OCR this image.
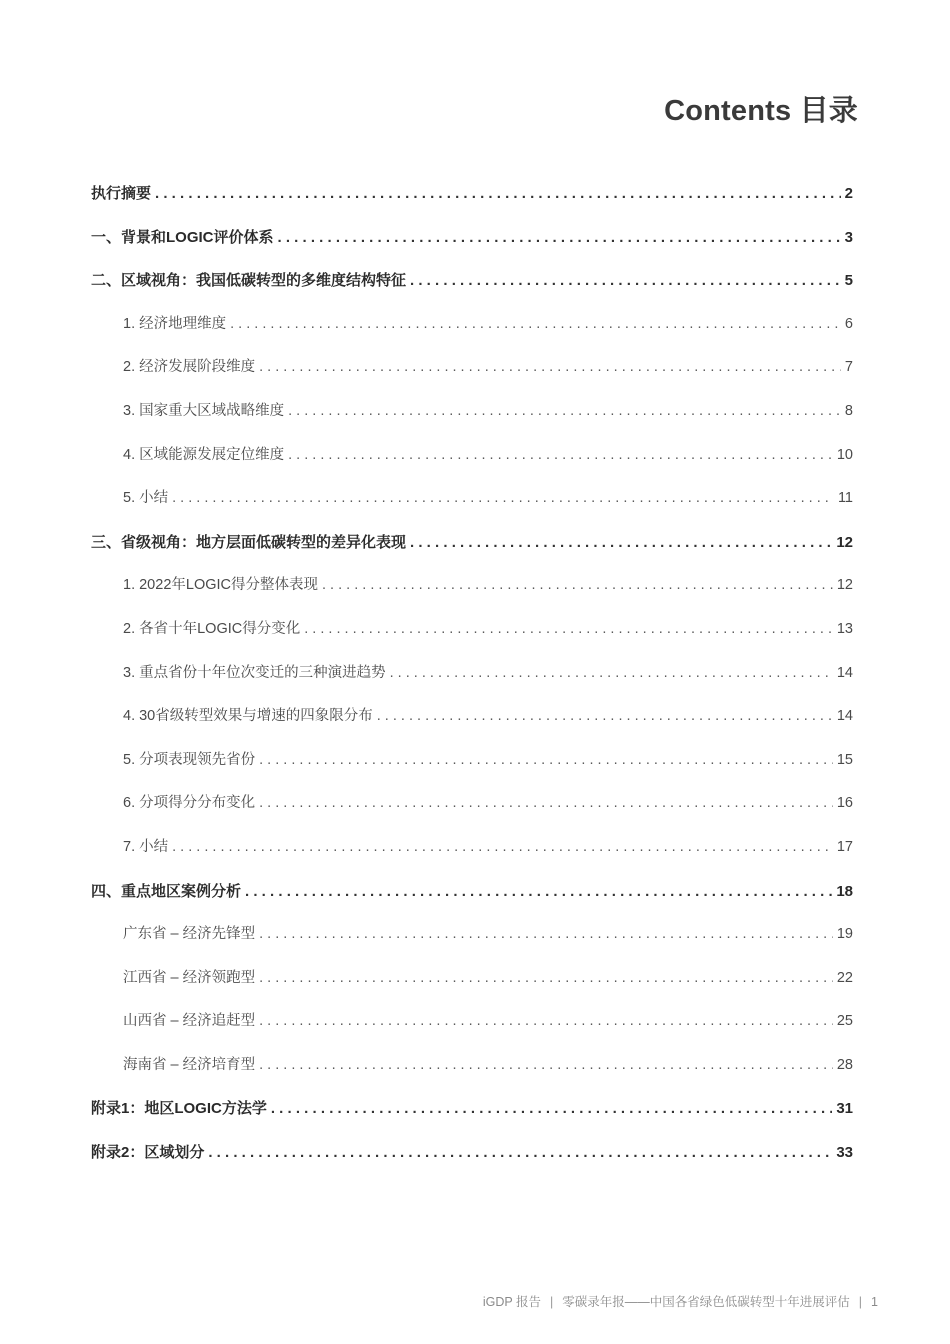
Contents 目录
执行摘要 . . .	2
一、背景和LOGIC评价体系 . . .	3
二、区域视角：我国低碳转型的多维度结构特征 . . .	5
1. 经济地理维度 . . .	6
2. 经济发展阶段维度 . . .	7
3. 国家重大区域战略维度 . . .	8
4. 区域能源发展定位维度 . . .	10
5. 小结 . . .	11
三、省级视角：地方层面低碳转型的差异化表现 . . .	12
1. 2022年LOGIC得分整体表现 . . .	12
2. 各省十年LOGIC得分变化 . . .	13
3. 重点省份十年位次变迁的三种演进趋势 . . .	14
4. 30省级转型效果与增速的四象限分布 . . .	14
5. 分项表现领先省份 . . .	15
6. 分项得分分布变化 . . .	16
7. 小结 . . .	17
四、重点地区案例分析 . . .	18
广东省 – 经济先锋型 . . .	19
江西省 – 经济领跑型 . . .	22
山西省 – 经济追赶型 . . .	25
海南省 – 经济培育型 . . .	28
附录1：地区LOGIC方法学 . . .	31
附录2：区域划分 . . .	33
iGDP 报告 | 零碳录年报——中国各省绿色低碳转型十年进展评估 | 1
